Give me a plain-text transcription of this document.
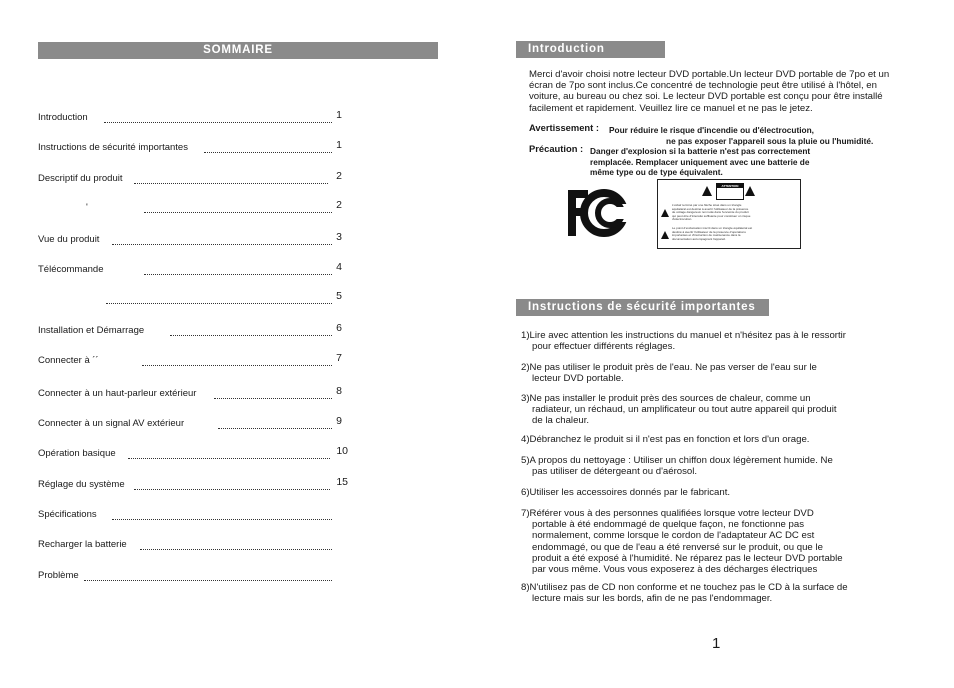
SOMMAIRE
Introduction	1
Instructions de sécurité importantes	1
Descriptif du produit	2
'	2
Vue du produit	3
Télécommande	4
5
Installation et Démarrage	6
Connecter à ´´	7
Connecter à un haut-parleur extérieur	8
Connecter à un signal AV extérieur	9
Opération basique	10
Réglage du système	15
Spécifications
Recharger la batterie
Problème
Introduction
Merci d'avoir choisi notre lecteur DVD portable.Un lecteur DVD portable de 7po et un
écran de 7po sont inclus.Ce concentré de technologie peut être utilisé à l'hôtel, en
voiture, au bureau ou chez soi. Le lecteur DVD portable est conçu pour être installé
facilement et rapidement. Veuillez lire ce manuel et ne pas le jetez.
Avertissement : Pour réduire le risque d'incendie ou d'électrocution,
ne pas exposer l'appareil sous la pluie ou l'humidité.
Précaution : Danger d'explosion si la batterie n'est pas correctement
remplacée. Remplacer uniquement avec une batterie de
même type ou de type équivalent.
ATTENTION
L'éclair terminé par une flèche situé dans un triangle
équilatéral est destiné à avertir l'utilisateur de la présence
de voltage dangereux non isolé dans l'enceinte du produit
qui peut être d'intensité suffisante pour constituer un risque
d'électrocution.
Le point d'exclamation inscrit dans un triangle équilatéral est
destiné à avertir l'utilisateur de la présence d'opérations
importantes et d'instruction de maintenance dans la
documentation accompagnant l'appareil.
Instructions de sécurité importantes
1)Lire avec attention les instructions du manuel et n'hésitez pas à le ressortir
pour effectuer différents réglages.
2)Ne pas utiliser le produit près de l'eau. Ne pas verser de l'eau sur le
lecteur DVD portable.
3)Ne pas installer le produit près des sources de chaleur, comme un
radiateur, un réchaud, un amplificateur ou tout autre appareil qui produit
de la chaleur.
4)Débranchez le produit si il n'est pas en fonction et lors d'un orage.
5)A propos du nettoyage : Utiliser un chiffon doux légèrement humide. Ne
pas utiliser de détergeant ou d'aérosol.
6)Utiliser les accessoires donnés par le fabricant.
7)Référer vous à des personnes qualifiées lorsque votre lecteur DVD
portable à été endommagé de quelque façon, ne fonctionne pas
normalement, comme lorsque le cordon de l'adaptateur AC DC est
endommagé, ou que de l'eau a été renversé sur le produit, ou que le
produit a été exposé à l'humidité. Ne réparez pas le lecteur DVD portable
par vous même. Vous vous exposerez à des décharges électriques
8)N'utilisez pas de CD non conforme et ne touchez pas le CD à la surface de
lecture mais sur les bords, afin de ne pas l'endommager.
1
